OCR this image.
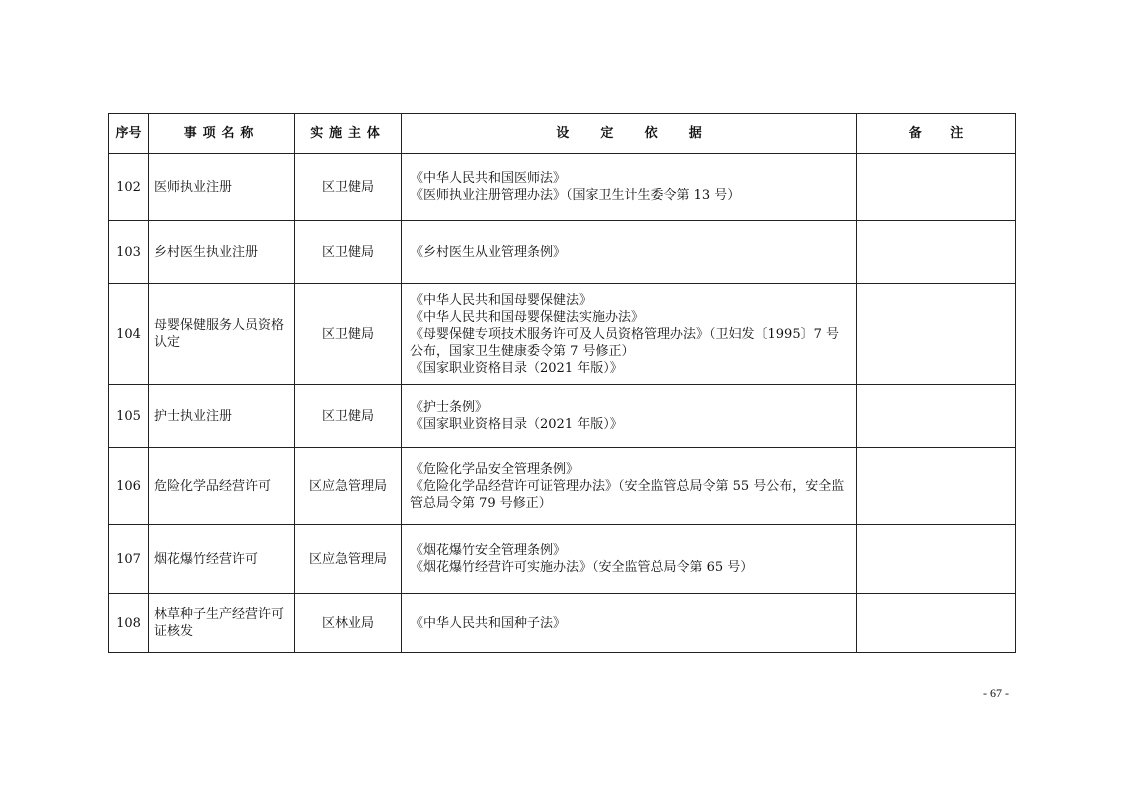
序号	事项名称	实施主体	设定依据	备注
102	医师执业注册	区卫健局	《中华人民共和国医师法》
《医师执业注册管理办法》（国家卫生计生委令第 13 号）	

103	乡村医生执业注册	区卫健局	《乡村医生从业管理条例》	

104	母婴保健服务人员资格认定	区卫健局	《中华人民共和国母婴保健法》
《中华人民共和国母婴保健法实施办法》
《母婴保健专项技术服务许可及人员资格管理办法》（卫妇发〔1995〕7 号公布，国家卫生健康委令第 7 号修正）
《国家职业资格目录（2021 年版）》	

105	护士执业注册	区卫健局	《护士条例》
《国家职业资格目录（2021 年版）》	

106	危险化学品经营许可	区应急管理局	《危险化学品安全管理条例》
《危险化学品经营许可证管理办法》（安全监管总局令第 55 号公布，安全监管总局令第 79 号修正）	

107	烟花爆竹经营许可	区应急管理局	《烟花爆竹安全管理条例》
《烟花爆竹经营许可实施办法》（安全监管总局令第 65 号）	

108	林草种子生产经营许可证核发	区林业局	《中华人民共和国种子法》	

- 67 -
